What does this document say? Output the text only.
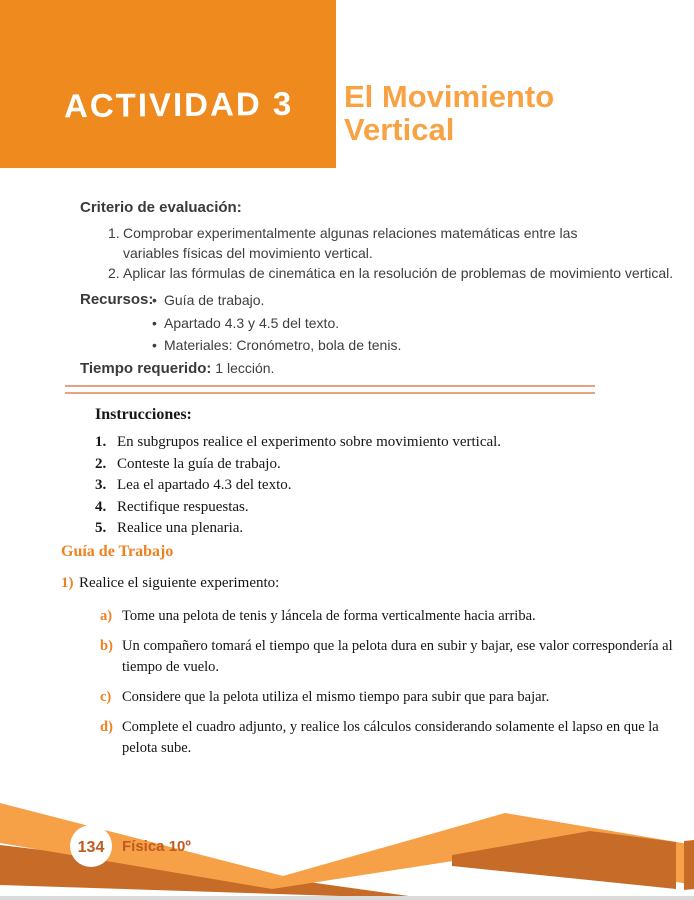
ACTIVIDAD 3 El Movimiento
Vertical
Criterio de evaluación:
1. Comprobar experimentalmente algunas relaciones matemáticas entre las variables físicas del movimiento vertical.
2. Aplicar las fórmulas de cinemática en la resolución de problemas de movimiento vertical.
Recursos:
• Guía de trabajo.
• Apartado 4.3 y 4.5 del texto.
• Materiales: Cronómetro, bola de tenis.
Tiempo requerido: 1 lección.
Instrucciones:
1. En subgrupos realice el experimento sobre movimiento vertical.
2. Conteste la guía de trabajo.
3. Lea el apartado 4.3 del texto.
4. Rectifique respuestas.
5. Realice una plenaria.
Guía de Trabajo
1) Realice el siguiente experimento:
a) Tome una pelota de tenis y láncela de forma verticalmente hacia arriba.
b) Un compañero tomará el tiempo que la pelota dura en subir y bajar, ese valor correspondería al tiempo de vuelo.
c) Considere que la pelota utiliza el mismo tiempo para subir que para bajar.
d) Complete el cuadro adjunto, y realice los cálculos considerando solamente el lapso en que la pelota sube.
134 Física 10º
